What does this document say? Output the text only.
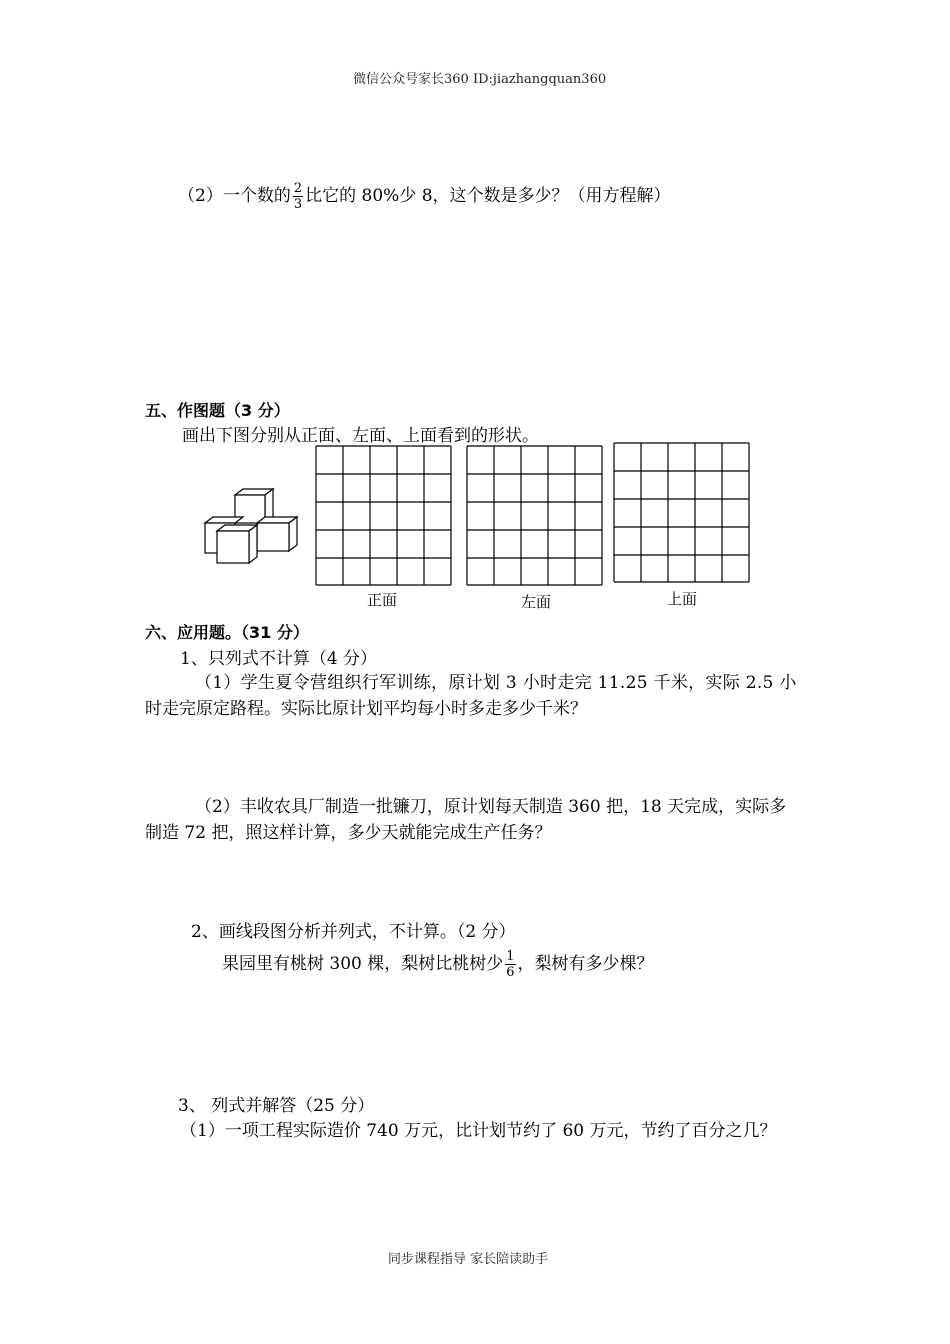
微信公众号家长360 ID:jiazhangquan360
（2）一个数的 $\frac{2}{3}$ 比它的 80%少 8，这个数是多少？（用方程解）
五、作图题（3 分）
画出下图分别从正面、左面、上面看到的形状。
正面	左面	上面
六、应用题。（31 分）
1、只列式不计算（4 分）
（1）学生夏令营组织行军训练，原计划 3 小时走完 11.25 千米，实际 2.5 小
时走完原定路程。实际比原计划平均每小时多走多少千米？
（2）丰收农具厂制造一批镰刀，原计划每天制造 360 把，18 天完成，实际多
制造 72 把，照这样计算，多少天就能完成生产任务？
2、画线段图分析并列式，不计算。（2 分）
果园里有桃树 300 棵，梨树比桃树少 $\frac{1}{6}$ ，梨树有多少棵？
3、 列式并解答（25 分）
（1）一项工程实际造价 740 万元，比计划节约了 60 万元，节约了百分之几？
同步课程指导 家长陪读助手
